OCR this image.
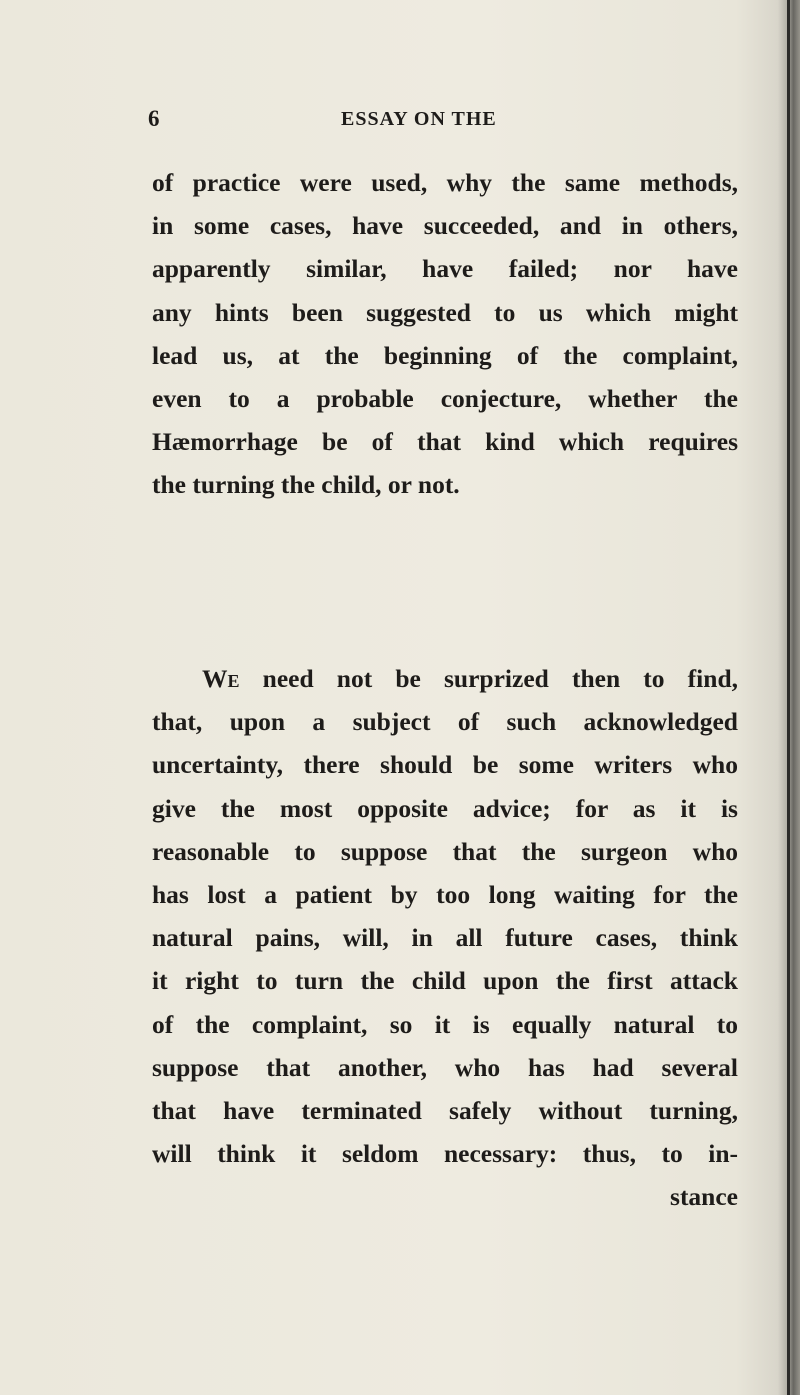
6	ESSAY ON THE
of practice were used, why the same methods,
in some cases, have succeeded, and in others,
apparently similar, have failed; nor have
any hints been suggested to us which might
lead us, at the beginning of the complaint,
even to a probable conjecture, whether the
Hæmorrhage be of that kind which requires
the turning the child, or not.
We need not be surprized then to find,
that, upon a subject of such acknowledged
uncertainty, there should be some writers who
give the most opposite advice; for as it is
reasonable to suppose that the surgeon who
has lost a patient by too long waiting for the
natural pains, will, in all future cases, think
it right to turn the child upon the first attack
of the complaint, so it is equally natural to
suppose that another, who has had several
that have terminated safely without turning,
will think it seldom necessary: thus, to in-
stance
